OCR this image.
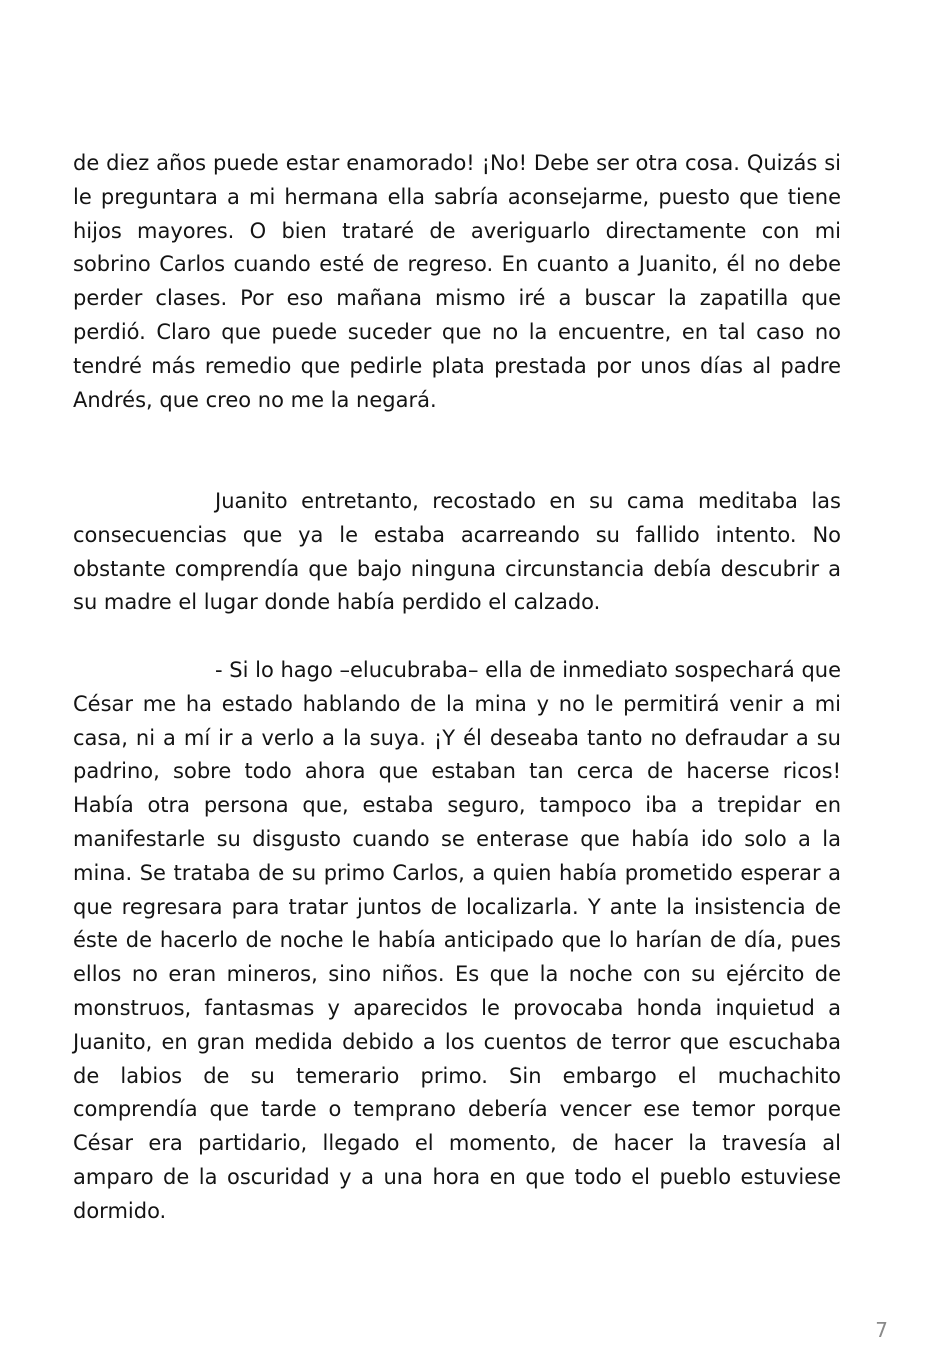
de diez años puede estar enamorado! ¡No! Debe ser otra cosa. Quizás si le preguntara a mi hermana ella sabría aconsejarme, puesto que tiene hijos mayores. O bien trataré de averiguarlo directamente con mi sobrino Carlos cuando esté de regreso. En cuanto a Juanito, él no debe perder clases. Por eso mañana mismo iré a buscar la zapatilla que perdió. Claro que puede suceder que no la encuentre, en tal caso no tendré más remedio que pedirle plata prestada por unos días al padre Andrés, que creo no me la negará.

Juanito entretanto, recostado en su cama meditaba las consecuencias que ya le estaba acarreando su fallido intento. No obstante comprendía que bajo ninguna circunstancia debía descubrir a su madre el lugar donde había perdido el calzado.

- Si lo hago –elucubraba– ella de inmediato sospechará que César me ha estado hablando de la mina y no le permitirá venir a mi casa, ni a mí ir a verlo a la suya. ¡Y él deseaba tanto no defraudar a su padrino, sobre todo ahora que estaban tan cerca de hacerse ricos! Había otra persona que, estaba seguro, tampoco iba a trepidar en manifestarle su disgusto cuando se enterase que había ido solo a la mina. Se trataba de su primo Carlos, a quien había prometido esperar a que regresara para tratar juntos de localizarla. Y ante la insistencia de éste de hacerlo de noche le había anticipado que lo harían de día, pues ellos no eran mineros, sino niños. Es que la noche con su ejército de monstruos, fantasmas y aparecidos le provocaba honda inquietud a Juanito, en gran medida debido a los cuentos de terror que escuchaba de labios de su temerario primo. Sin embargo el muchachito comprendía que tarde o temprano debería vencer ese temor porque César era partidario, llegado el momento, de hacer la travesía al amparo de la oscuridad y a una hora en que todo el pueblo estuviese dormido.

7
